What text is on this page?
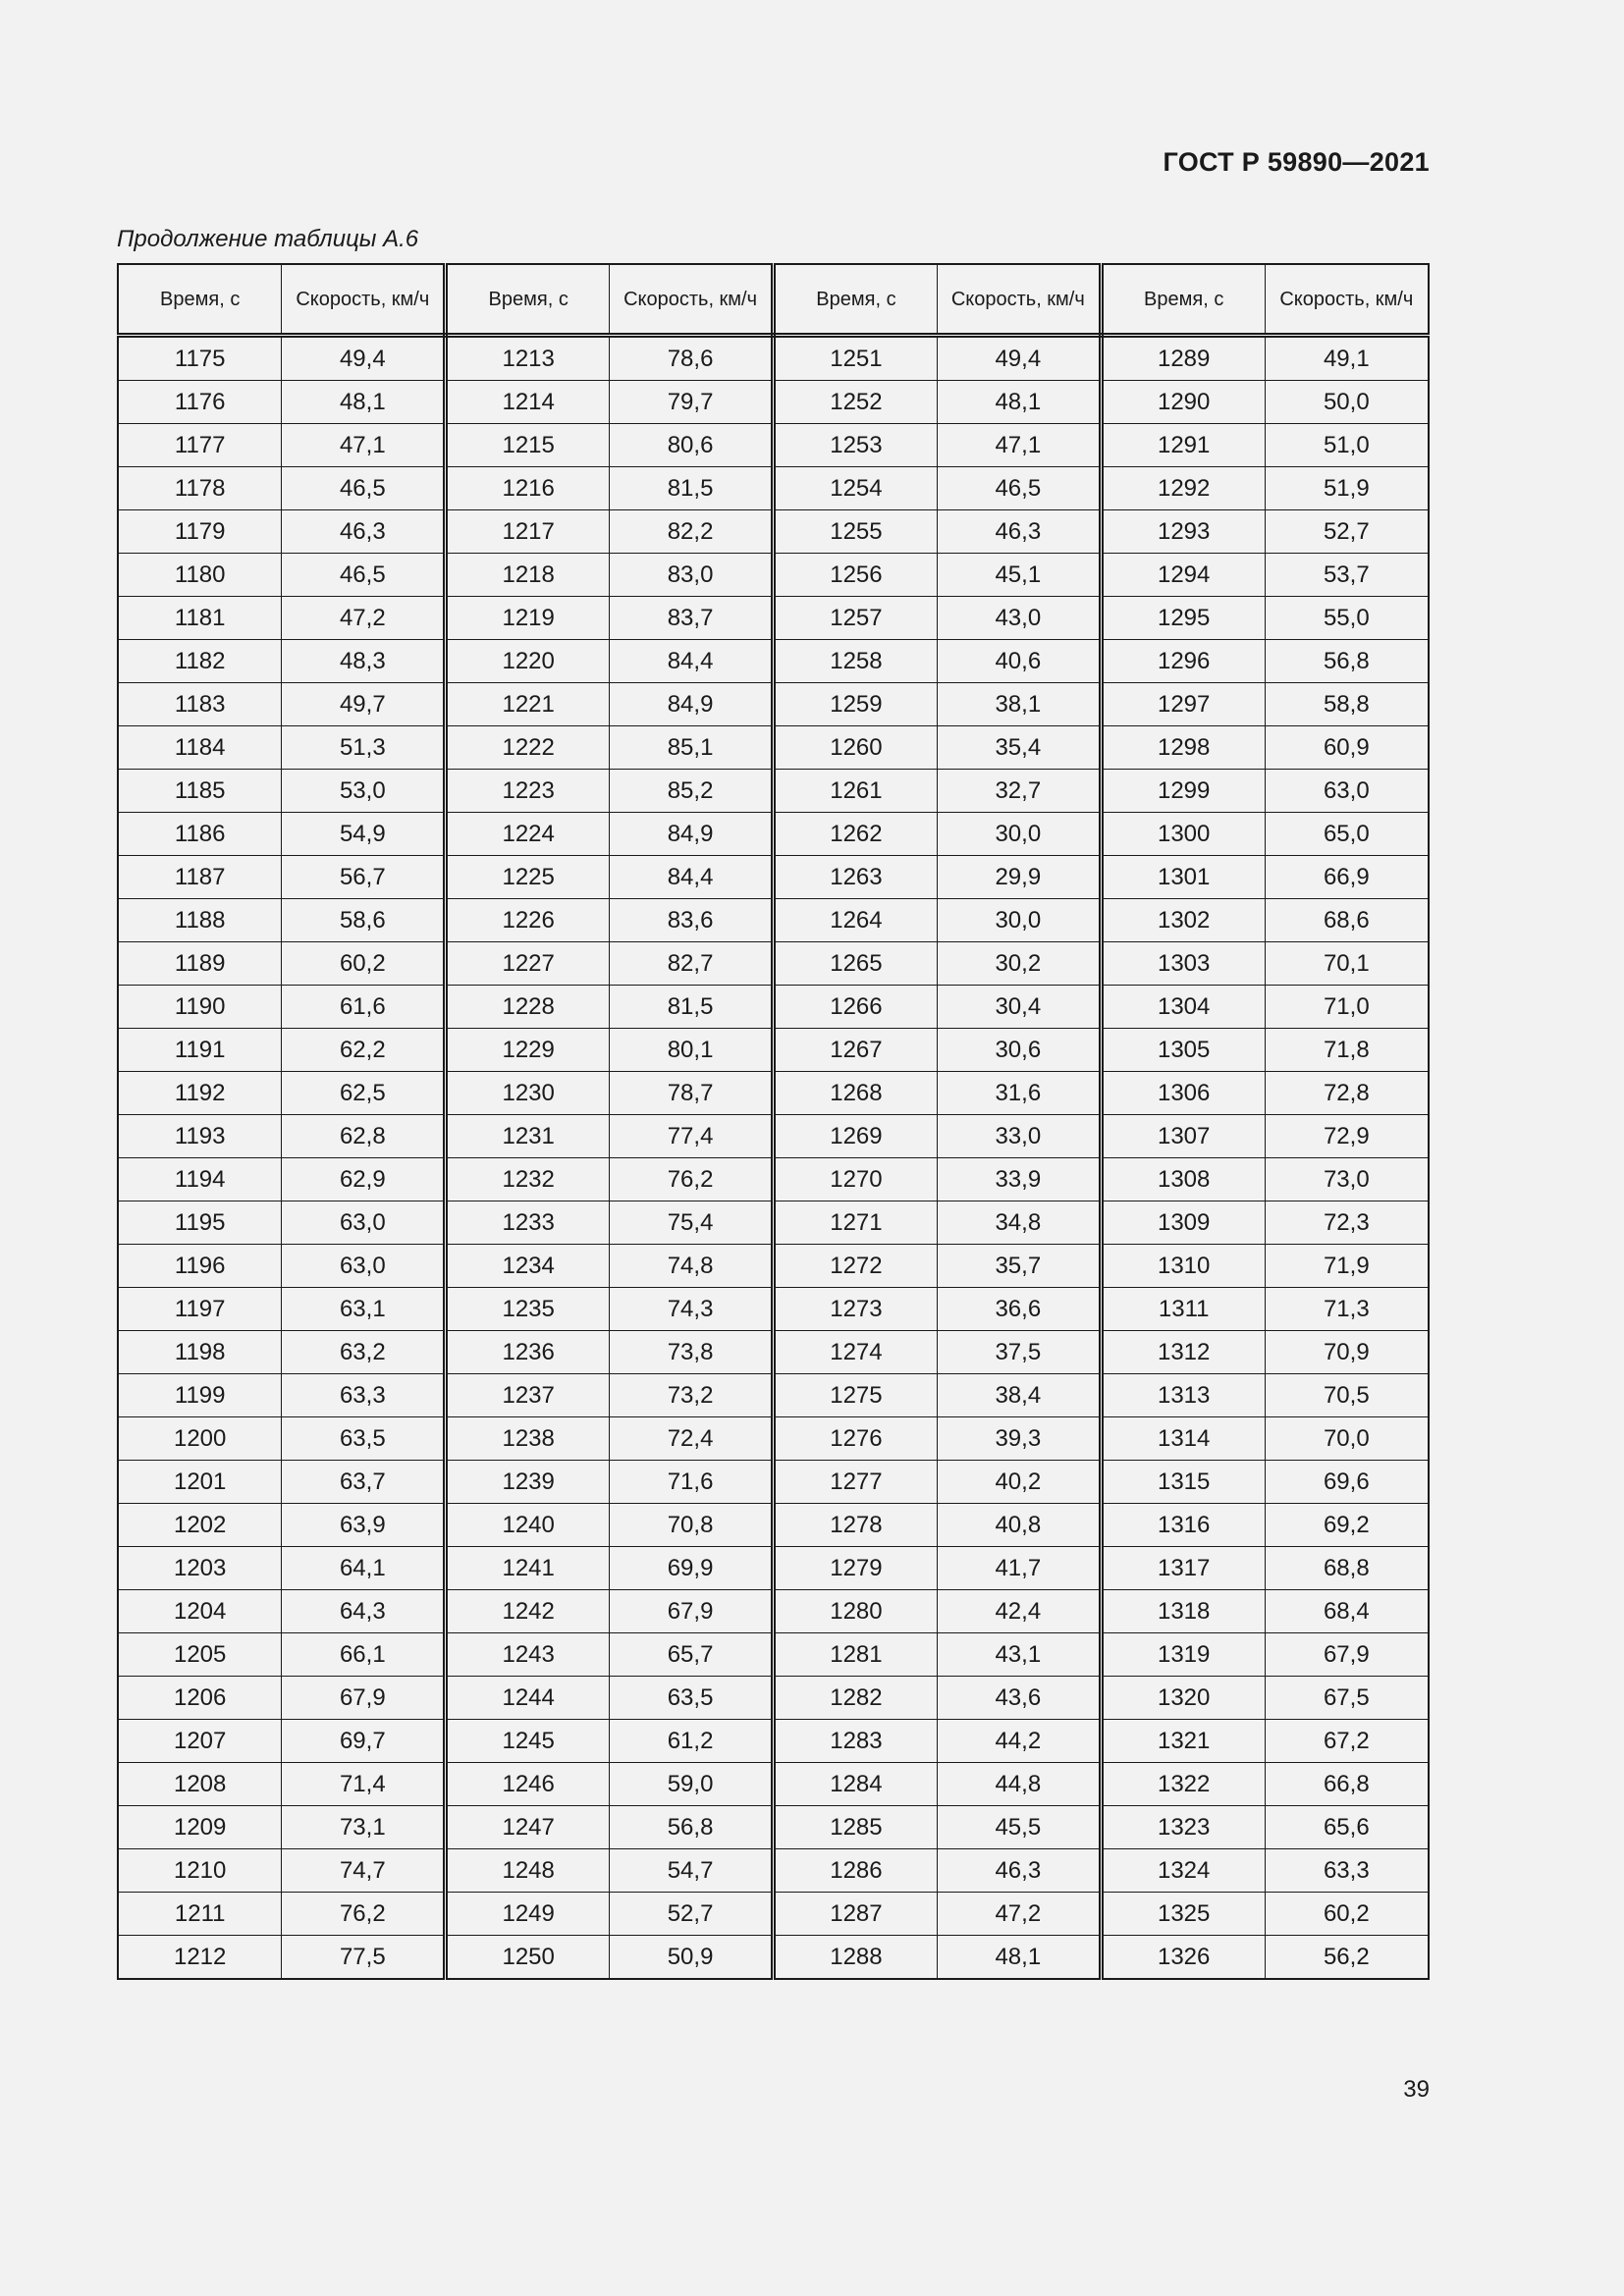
ГОСТ Р 59890—2021
Продолжение таблицы А.6
Время, с	Скорость, км/ч	Время, с	Скорость, км/ч	Время, с	Скорость, км/ч	Время, с	Скорость, км/ч
1175	49,4	1213	78,6	1251	49,4	1289	49,1
1176	48,1	1214	79,7	1252	48,1	1290	50,0
1177	47,1	1215	80,6	1253	47,1	1291	51,0
1178	46,5	1216	81,5	1254	46,5	1292	51,9
1179	46,3	1217	82,2	1255	46,3	1293	52,7
1180	46,5	1218	83,0	1256	45,1	1294	53,7
1181	47,2	1219	83,7	1257	43,0	1295	55,0
1182	48,3	1220	84,4	1258	40,6	1296	56,8
1183	49,7	1221	84,9	1259	38,1	1297	58,8
1184	51,3	1222	85,1	1260	35,4	1298	60,9
1185	53,0	1223	85,2	1261	32,7	1299	63,0
1186	54,9	1224	84,9	1262	30,0	1300	65,0
1187	56,7	1225	84,4	1263	29,9	1301	66,9
1188	58,6	1226	83,6	1264	30,0	1302	68,6
1189	60,2	1227	82,7	1265	30,2	1303	70,1
1190	61,6	1228	81,5	1266	30,4	1304	71,0
1191	62,2	1229	80,1	1267	30,6	1305	71,8
1192	62,5	1230	78,7	1268	31,6	1306	72,8
1193	62,8	1231	77,4	1269	33,0	1307	72,9
1194	62,9	1232	76,2	1270	33,9	1308	73,0
1195	63,0	1233	75,4	1271	34,8	1309	72,3
1196	63,0	1234	74,8	1272	35,7	1310	71,9
1197	63,1	1235	74,3	1273	36,6	1311	71,3
1198	63,2	1236	73,8	1274	37,5	1312	70,9
1199	63,3	1237	73,2	1275	38,4	1313	70,5
1200	63,5	1238	72,4	1276	39,3	1314	70,0
1201	63,7	1239	71,6	1277	40,2	1315	69,6
1202	63,9	1240	70,8	1278	40,8	1316	69,2
1203	64,1	1241	69,9	1279	41,7	1317	68,8
1204	64,3	1242	67,9	1280	42,4	1318	68,4
1205	66,1	1243	65,7	1281	43,1	1319	67,9
1206	67,9	1244	63,5	1282	43,6	1320	67,5
1207	69,7	1245	61,2	1283	44,2	1321	67,2
1208	71,4	1246	59,0	1284	44,8	1322	66,8
1209	73,1	1247	56,8	1285	45,5	1323	65,6
1210	74,7	1248	54,7	1286	46,3	1324	63,3
1211	76,2	1249	52,7	1287	47,2	1325	60,2
1212	77,5	1250	50,9	1288	48,1	1326	56,2
39
